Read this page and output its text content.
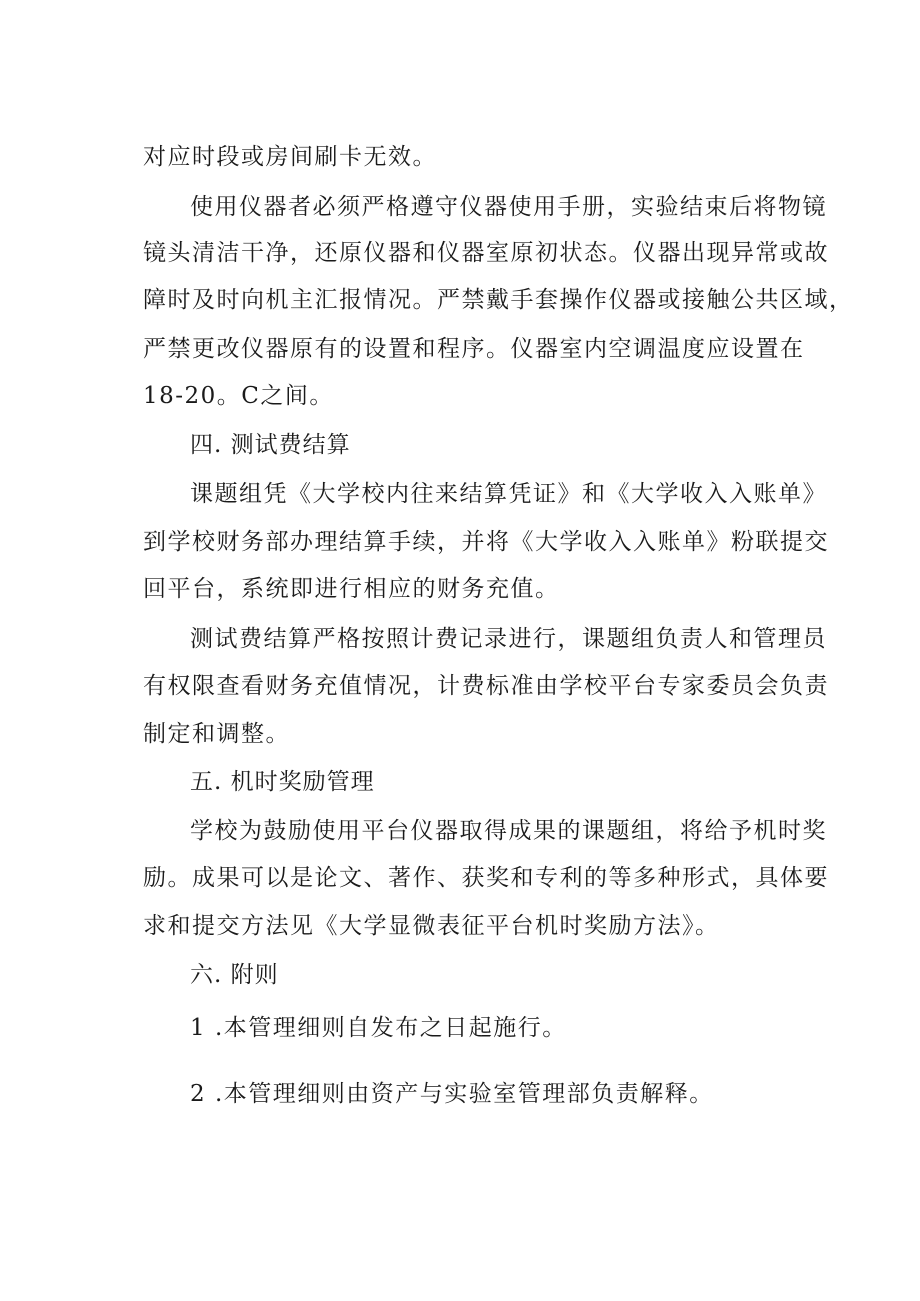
对应时段或房间刷卡无效。
使用仪器者必须严格遵守仪器使用手册，实验结束后将物镜
镜头清洁干净，还原仪器和仪器室原初状态。仪器出现异常或故
障时及时向机主汇报情况。严禁戴手套操作仪器或接触公共区域，
严禁更改仪器原有的设置和程序。仪器室内空调温度应设置在
18-20。C之间。
四. 测试费结算
课题组凭《大学校内往来结算凭证》和《大学收入入账单》
到学校财务部办理结算手续，并将《大学收入入账单》粉联提交
回平台，系统即进行相应的财务充值。
测试费结算严格按照计费记录进行，课题组负责人和管理员
有权限查看财务充值情况，计费标准由学校平台专家委员会负责
制定和调整。
五. 机时奖励管理
学校为鼓励使用平台仪器取得成果的课题组，将给予机时奖
励。成果可以是论文、著作、获奖和专利的等多种形式，具体要
求和提交方法见《大学显微表征平台机时奖励方法》。
六. 附则
1 .本管理细则自发布之日起施行。
2 .本管理细则由资产与实验室管理部负责解释。
